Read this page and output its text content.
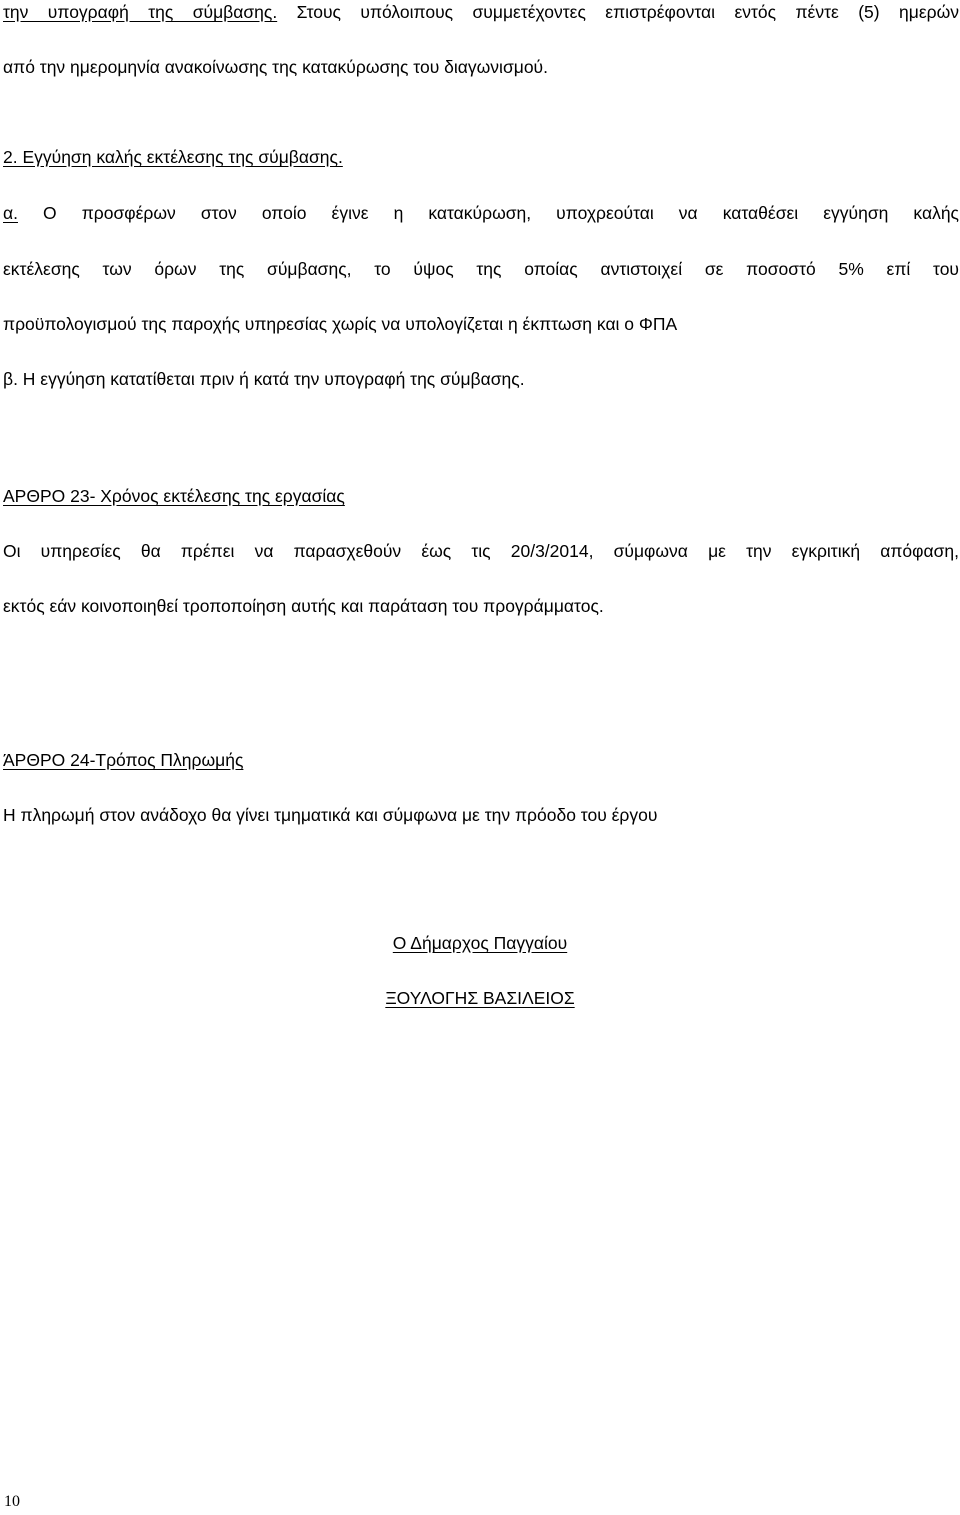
την υπογραφή της σύμβασης. Στους υπόλοιπους συμμετέχοντες επιστρέφονται εντός πέντε (5) ημερών

από την ημερομηνία ανακοίνωσης της κατακύρωσης του διαγωνισμού.

2. Εγγύηση καλής εκτέλεσης της σύμβασης.

α. Ο προσφέρων στον οποίο έγινε η κατακύρωση, υποχρεούται να καταθέσει εγγύηση καλής

εκτέλεσης των όρων της σύμβασης, το ύψος της οποίας αντιστοιχεί σε ποσοστό 5% επί του

προϋπολογισμού της παροχής υπηρεσίας χωρίς να υπολογίζεται η έκπτωση και ο ΦΠΑ

β. Η εγγύηση κατατίθεται πριν ή κατά την υπογραφή της σύμβασης.

ΑΡΘΡΟ 23- Χρόνος εκτέλεσης της εργασίας

Οι υπηρεσίες θα πρέπει να παρασχεθούν έως τις 20/3/2014, σύμφωνα με την εγκριτική απόφαση,

εκτός εάν κοινοποιηθεί τροποποίηση αυτής και παράταση του προγράμματος.

ΆΡΘΡΟ 24-Τρόπος Πληρωμής

Η πληρωμή στον ανάδοχο θα γίνει τμηματικά και σύμφωνα με την πρόοδο του έργου

Ο Δήμαρχος Παγγαίου

ΞΟΥΛΟΓΗΣ ΒΑΣΙΛΕΙΟΣ

10
